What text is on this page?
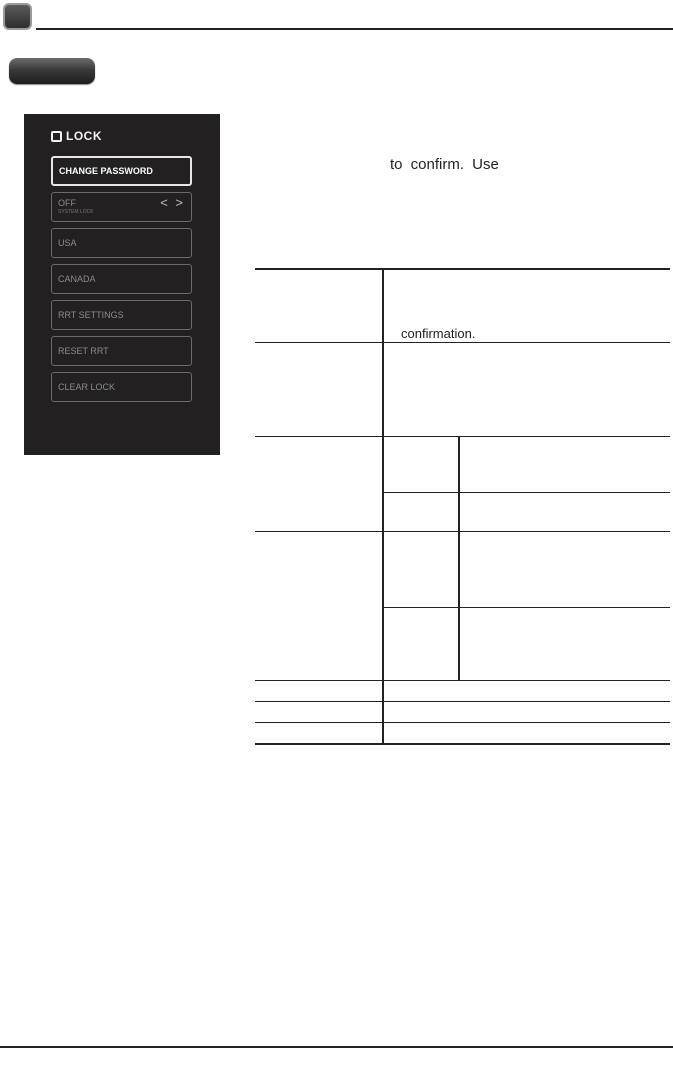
LOCK
CHANGE PASSWORD
OFF
SYSTEM LOCK
< >
USA
CANADA
RRT SETTINGS
RESET RRT
CLEAR LOCK
to confirm. Use
confirmation.
